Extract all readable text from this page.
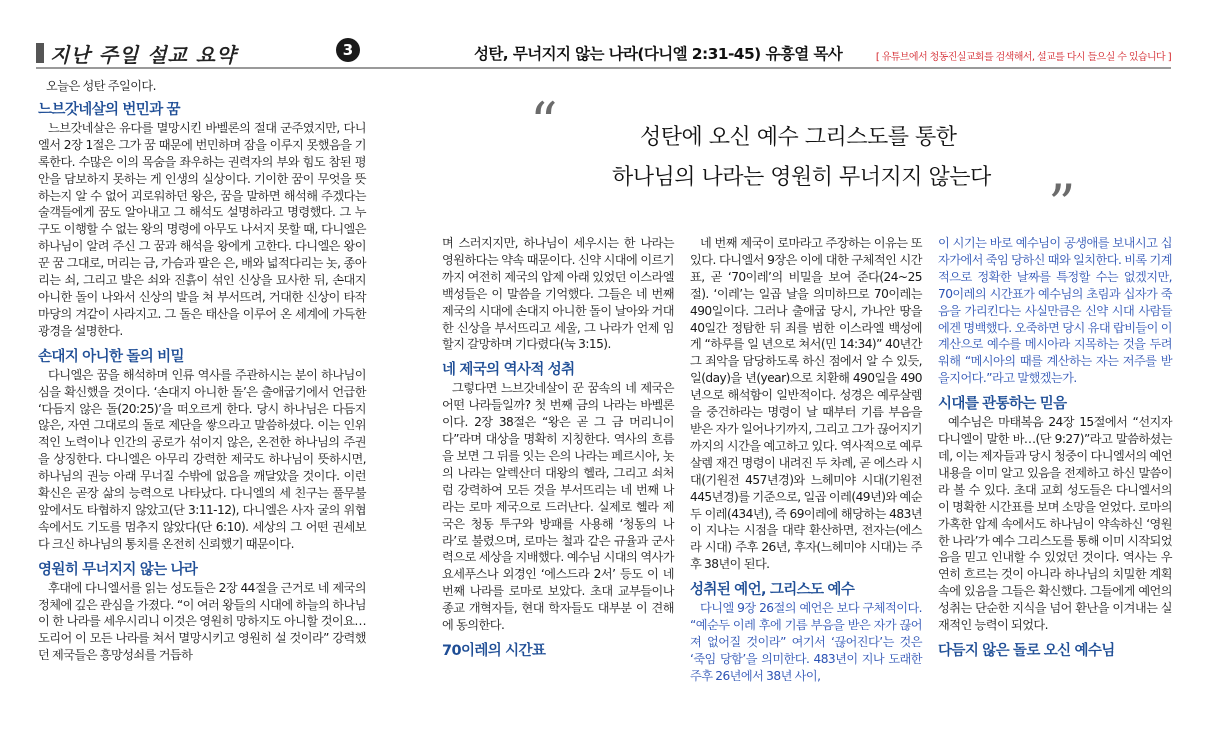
지난 주일 설교 요약	3	성탄, 무너지지 않는 나라(다니엘 2:31-45) 유흥열 목사	[ 유튜브에서 청동진실교회를 검색해서, 설교를 다시 들으실 수 있습니다 ]
“	성탄에 오신 예수 그리스도를 통한
하나님의 나라는 영원히 무너지지 않는다 ”

오늘은 성탄 주일이다.

느브갓네살의 번민과 꿈

느브갓네살은 유다를 멸망시킨 바벨론의 절대 군주였지만, 다니엘서 2장 1절은 그가 꿈 때문에 번민하며 잠을 이루지 못했음을 기록한다. 수많은 이의 목숨을 좌우하는 권력자의 부와 힘도 참된 평안을 담보하지 못하는 게 인생의 실상이다. 기이한 꿈이 무엇을 뜻하는지 알 수 없어 괴로워하던 왕은, 꿈을 말하면 해석해 주겠다는 술객들에게 꿈도 알아내고 그 해석도 설명하라고 명령했다. 그 누구도 이행할 수 없는 왕의 명령에 아무도 나서지 못할 때, 다니엘은 하나님이 알려 주신 그 꿈과 해석을 왕에게 고한다. 다니엘은 왕이 꾼 꿈 그대로, 머리는 금, 가슴과 팔은 은, 배와 넓적다리는 놋, 종아리는 쇠, 그리고 발은 쇠와 진흙이 섞인 신상을 묘사한 뒤, 손대지 아니한 돌이 나와서 신상의 발을 쳐 부서뜨려, 거대한 신상이 타작마당의 겨같이 사라지고. 그 돌은 태산을 이루어 온 세계에 가득한 광경을 설명한다.

손대지 아니한 돌의 비밀

다니엘은 꿈을 해석하며 인류 역사를 주관하시는 분이 하나님이심을 확신했을 것이다. ‘손대지 아니한 돌’은 출애굽기에서 언급한 ‘다듬지 않은 돌(20:25)’을 떠오르게 한다. 당시 하나님은 다듬지 않은, 자연 그대로의 돌로 제단을 쌓으라고 말씀하셨다. 이는 인위적인 노력이나 인간의 공로가 섞이지 않은, 온전한 하나님의 주권을 상징한다. 다니엘은 아무리 강력한 제국도 하나님이 뜻하시면, 하나님의 권능 아래 무너질 수밖에 없음을 깨달았을 것이다. 이런 확신은 곧장 삶의 능력으로 나타났다. 다니엘의 세 친구는 풀무불 앞에서도 타협하지 않았고(단 3:11-12), 다니엘은 사자 굴의 위협 속에서도 기도를 멈추지 않았다(단 6:10). 세상의 그 어떤 권세보다 크신 하나님의 통치를 온전히 신뢰했기 때문이다.

영원히 무너지지 않는 나라

후대에 다니엘서를 읽는 성도들은 2장 44절을 근거로 네 제국의 정체에 깊은 관심을 가졌다. “이 여러 왕들의 시대에 하늘의 하나님이 한 나라를 세우시리니 이것은 영원히 망하지도 아니할 것이요… 도리어 이 모든 나라를 쳐서 멸망시키고 영원히 설 것이라” 강력했던 제국들은 흥망성쇠를 거듭하

며 스러지지만, 하나님이 세우시는 한 나라는 영원하다는 약속 때문이다. 신약 시대에 이르기까지 여전히 제국의 압제 아래 있었던 이스라엘 백성들은 이 말씀을 기억했다. 그들은 네 번째 제국의 시대에 손대지 아니한 돌이 날아와 거대한 신상을 부서뜨리고 세울, 그 나라가 언제 임할지 갈망하며 기다렸다(눅 3:15).

네 제국의 역사적 성취

그렇다면 느브갓네살이 꾼 꿈속의 네 제국은 어떤 나라들일까? 첫 번째 금의 나라는 바벨론이다. 2장 38절은 “왕은 곧 그 금 머리니이다”라며 대상을 명확히 지칭한다. 역사의 흐름을 보면 그 뒤를 잇는 은의 나라는 페르시아, 놋의 나라는 알렉산더 대왕의 헬라, 그리고 쇠처럼 강력하여 모든 것을 부서뜨리는 네 번째 나라는 로마 제국으로 드러난다. 실제로 헬라 제국은 청동 투구와 방패를 사용해 ‘청동의 나라’로 불렸으며, 로마는 철과 같은 규율과 군사력으로 세상을 지배했다. 예수님 시대의 역사가 요세푸스나 외경인 ‘에스드라 2서’ 등도 이 네 번째 나라를 로마로 보았다. 초대 교부들이나 종교 개혁자들, 현대 학자들도 대부분 이 견해에 동의한다.

70이레의 시간표

네 번째 제국이 로마라고 주장하는 이유는 또 있다. 다니엘서 9장은 이에 대한 구체적인 시간표, 곧 ‘70이레’의 비밀을 보여 준다(24~25절). ‘이레’는 일곱 날을 의미하므로 70이레는 490일이다. 그러나 출애굽 당시, 가나안 땅을 40일간 정탐한 뒤 죄를 범한 이스라엘 백성에게 “하루를 일 년으로 쳐서(민 14:34)” 40년간 그 죄악을 담당하도록 하신 점에서 알 수 있듯, 일(day)을 년(year)으로 치환해 490일을 490년으로 해석함이 일반적이다. 성경은 예루살렘을 중건하라는 명령이 날 때부터 기름 부음을 받은 자가 일어나기까지, 그리고 그가 끊어지기까지의 시간을 예고하고 있다. 역사적으로 예루살렘 재건 명령이 내려진 두 차례, 곧 에스라 시대(기원전 457년경)와 느헤미야 시대(기원전 445년경)를 기준으로, 일곱 이레(49년)와 예순두 이레(434년), 즉 69이레에 해당하는 483년이 지나는 시점을 대략 환산하면, 전자는(에스라 시대) 주후 26년, 후자(느헤미야 시대)는 주후 38년이 된다.

성취된 예언, 그리스도 예수

다니엘 9장 26절의 예언은 보다 구체적이다. “예순두 이레 후에 기름 부음을 받은 자가 끊어져 없어질 것이라” 여기서 ‘끊어진다’는 것은 ‘죽임 당함’을 의미한다. 483년이 지나 도래한 주후 26년에서 38년 사이,

이 시기는 바로 예수님이 공생애를 보내시고 십자가에서 죽임 당하신 때와 일치한다. 비록 기계적으로 정확한 날짜를 특정할 수는 없겠지만, 70이레의 시간표가 예수님의 초림과 십자가 죽음을 가리킨다는 사실만큼은 신약 시대 사람들에겐 명백했다. 오죽하면 당시 유대 랍비들이 이 계산으로 예수를 메시아라 지목하는 것을 두려워해 “메시아의 때를 계산하는 자는 저주를 받을지어다.”라고 말했겠는가.

시대를 관통하는 믿음

예수님은 마태복음 24장 15절에서 “선지자 다니엘이 말한 바…(단 9:27)”라고 말씀하셨는데, 이는 제자들과 당시 청중이 다니엘서의 예언 내용을 이미 알고 있음을 전제하고 하신 말씀이라 볼 수 있다. 초대 교회 성도들은 다니엘서의 이 명확한 시간표를 보며 소망을 얻었다. 로마의 가혹한 압제 속에서도 하나님이 약속하신 ‘영원한 나라’가 예수 그리스도를 통해 이미 시작되었음을 믿고 인내할 수 있었던 것이다. 역사는 우연히 흐르는 것이 아니라 하나님의 치밀한 계획 속에 있음을 그들은 확신했다. 그들에게 예언의 성취는 단순한 지식을 넘어 환난을 이겨내는 실재적인 능력이 되었다.

다듬지 않은 돌로 오신 예수님
